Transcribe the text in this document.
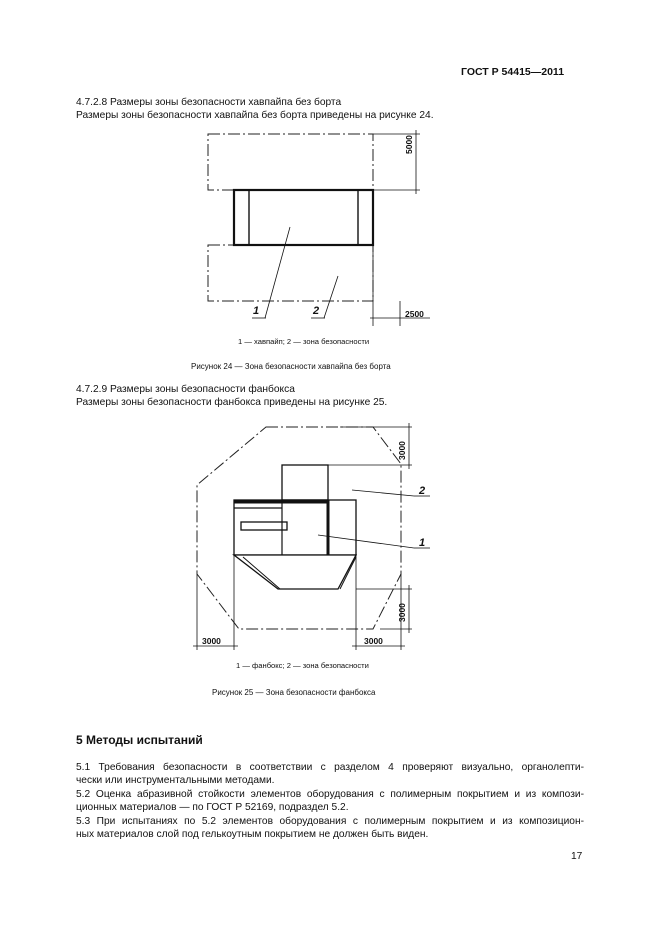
ГОСТ Р 54415—2011
4.7.2.8 Размеры зоны безопасности хавпайпа без борта
Размеры зоны безопасности хавпайпа без борта приведены на рисунке 24.
5000
2500
1	2
1 — хавпайп; 2 — зона безопасности
Рисунок 24 — Зона безопасности хавпайпа без борта
4.7.2.9 Размеры зоны безопасности фанбокса
Размеры зоны безопасности фанбокса приведены на рисунке 25.
3000
3000
3000	3000
2
1
1 — фанбокс; 2 — зона безопасности
Рисунок 25 — Зона безопасности фанбокса
5 Методы испытаний
5.1 Требования безопасности в соответствии с разделом 4 проверяют визуально, органолепти-
чески или инструментальными методами.
5.2 Оценка абразивной стойкости элементов оборудования с полимерным покрытием и из компози-
ционных материалов — по ГОСТ Р 52169, подраздел 5.2.
5.3 При испытаниях по 5.2 элементов оборудования с полимерным покрытием и из композицион-
ных материалов слой под гелькоутным покрытием не должен быть виден.
17
